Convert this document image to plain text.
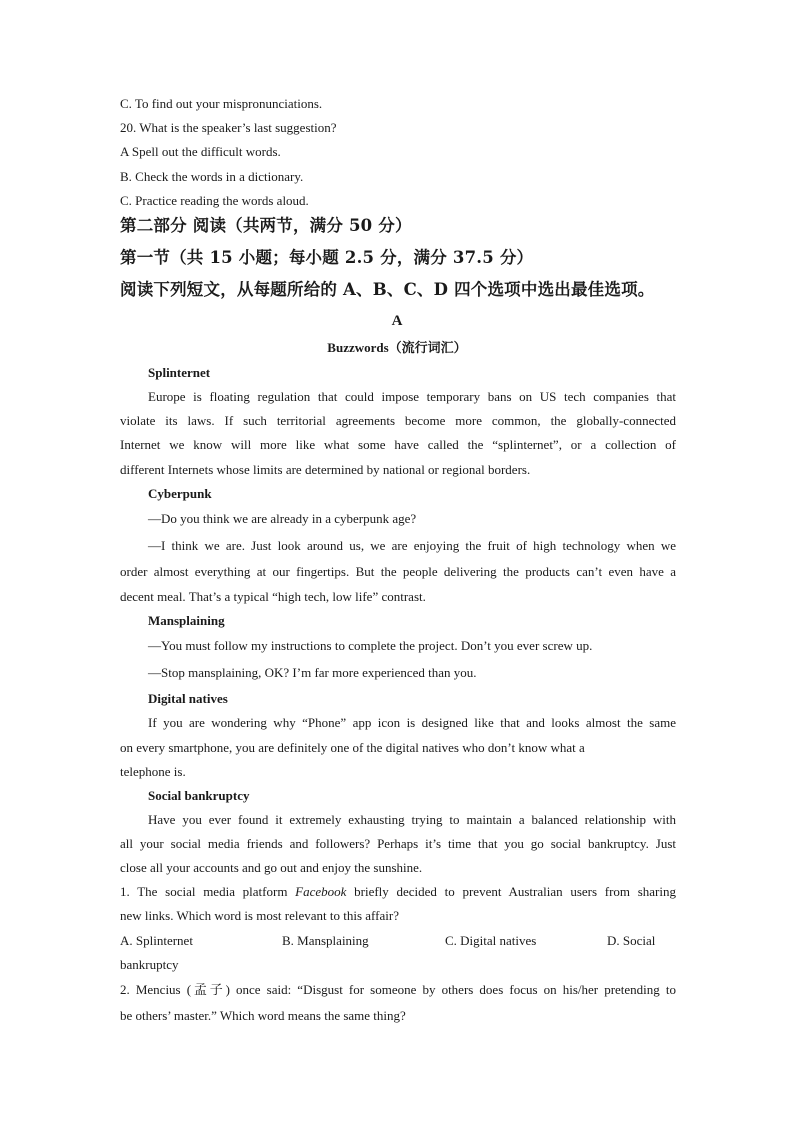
C. To find out your mispronunciations.
20. What is the speaker’s last suggestion?
A Spell out the difficult words.
B. Check the words in a dictionary.
C. Practice reading the words aloud.
第二部分 阅读（共两节，满分 50 分）
第一节（共 15 小题；每小题 2.5 分，满分 37.5 分）
阅读下列短文，从每题所给的 A、B、C、D 四个选项中选出最佳选项。
A
Buzzwords（流行词汇）
Splinternet
Europe is floating regulation that could impose temporary bans on US tech companies that
violate its laws. If such territorial agreements become more common, the globally-connected
Internet we know will more like what some have called the “splinternet”, or a collection of
different Internets whose limits are determined by national or regional borders.
Cyberpunk
—Do you think we are already in a cyberpunk age?
—I think we are. Just look around us, we are enjoying the fruit of high technology when we
order almost everything at our fingertips. But the people delivering the products can’t even have a
decent meal. That’s a typical “high tech, low life” contrast.
Mansplaining
—You must follow my instructions to complete the project. Don’t you ever screw up.
—Stop mansplaining, OK? I’m far more experienced than you.
Digital natives
If you are wondering why “Phone” app icon is designed like that and looks almost the same
on every smartphone, you are definitely one of the digital natives who don’t know what a
telephone is.
Social bankruptcy
Have you ever found it extremely exhausting trying to maintain a balanced relationship with
all your social media friends and followers? Perhaps it’s time that you go social bankruptcy. Just
close all your accounts and go out and enjoy the sunshine.
1. The social media platform Facebook briefly decided to prevent Australian users from sharing
new links. Which word is most relevant to this affair?
A. Splinternet	B. Mansplaining	C. Digital natives	D. Social
bankruptcy
2. Mencius (孟子) once said: “Disgust for someone by others does focus on his/her pretending to
be others’ master.” Which word means the same thing?
